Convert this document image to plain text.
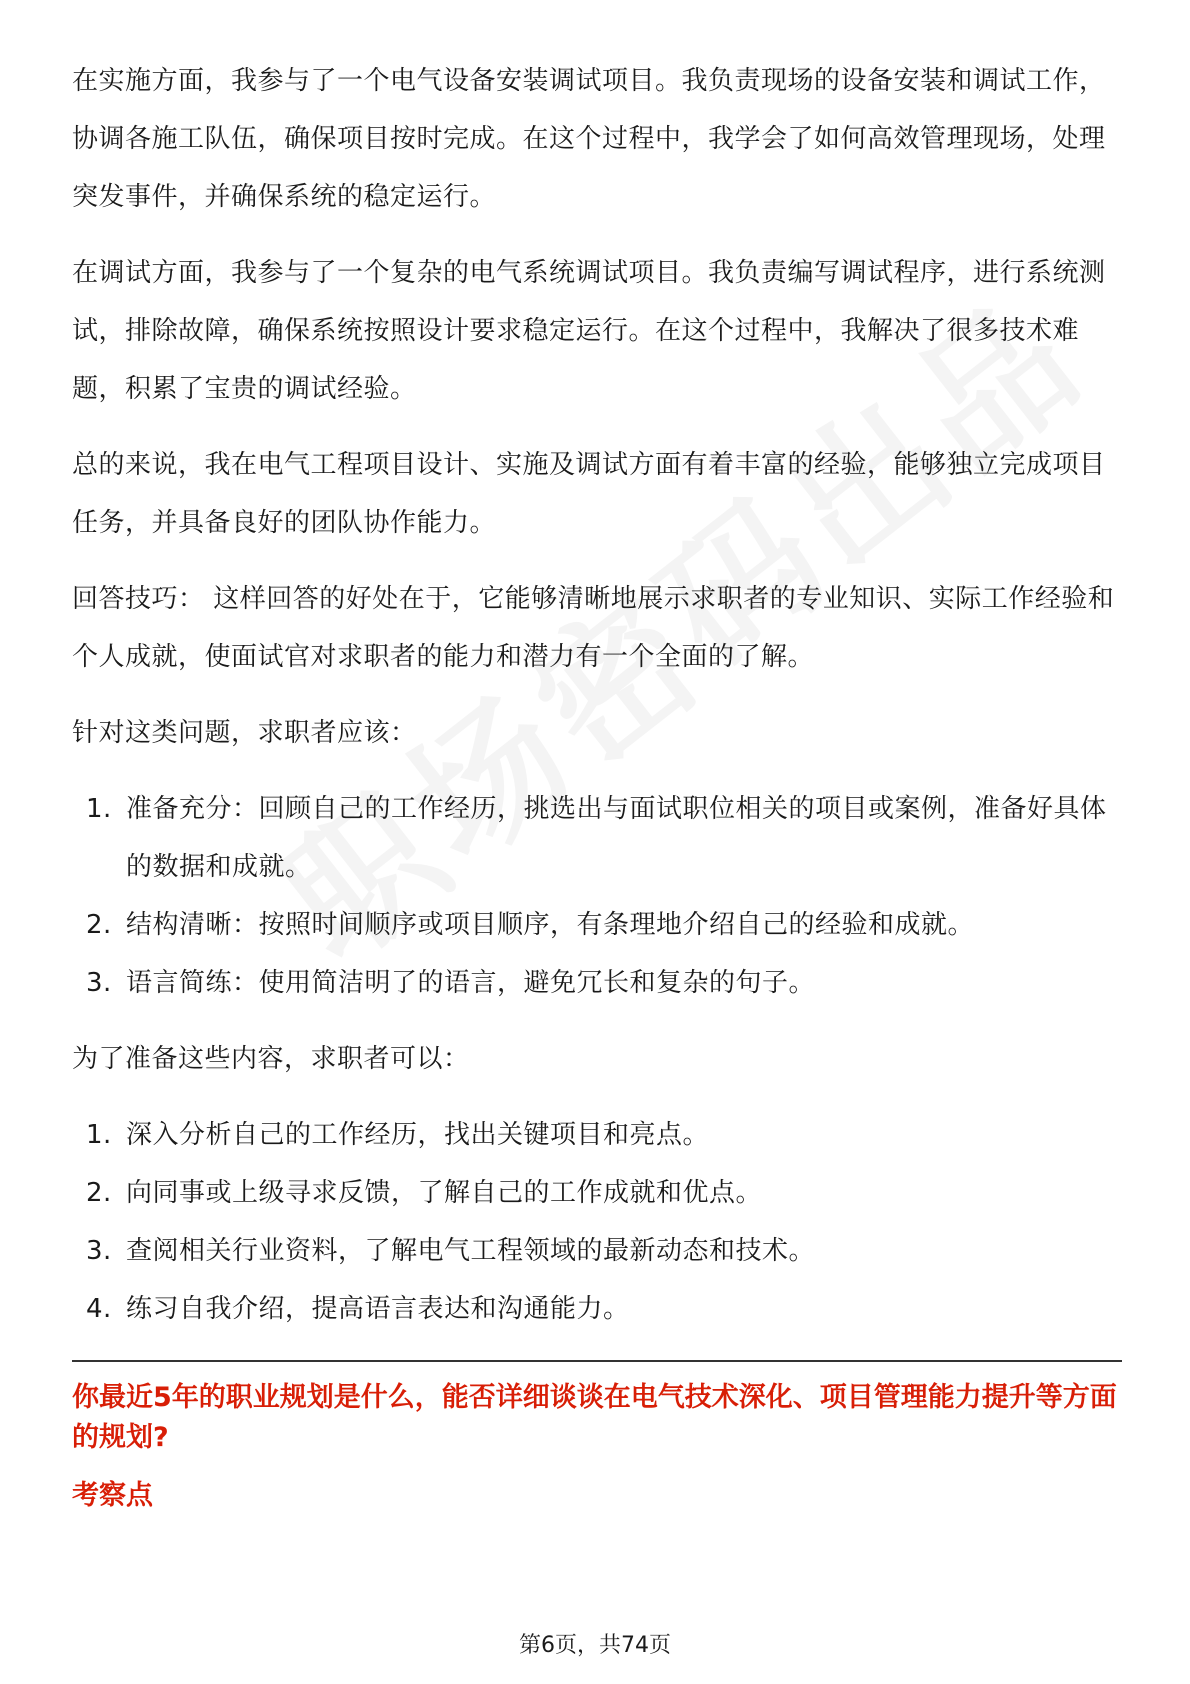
在实施方面，我参与了一个电气设备安装调试项目。我负责现场的设备安装和调试工作，协调各施工队伍，确保项目按时完成。在这个过程中，我学会了如何高效管理现场，处理突发事件，并确保系统的稳定运行。

在调试方面，我参与了一个复杂的电气系统调试项目。我负责编写调试程序，进行系统测试，排除故障，确保系统按照设计要求稳定运行。在这个过程中，我解决了很多技术难题，积累了宝贵的调试经验。

总的来说，我在电气工程项目设计、实施及调试方面有着丰富的经验，能够独立完成项目任务，并具备良好的团队协作能力。

回答技巧： 这样回答的好处在于，它能够清晰地展示求职者的专业知识、实际工作经验和个人成就，使面试官对求职者的能力和潜力有一个全面的了解。

针对这类问题，求职者应该：

1. 准备充分：回顾自己的工作经历，挑选出与面试职位相关的项目或案例，准备好具体的数据和成就。
2. 结构清晰：按照时间顺序或项目顺序，有条理地介绍自己的经验和成就。
3. 语言简练：使用简洁明了的语言，避免冗长和复杂的句子。

为了准备这些内容，求职者可以：

1. 深入分析自己的工作经历，找出关键项目和亮点。
2. 向同事或上级寻求反馈，了解自己的工作成就和优点。
3. 查阅相关行业资料，了解电气工程领域的最新动态和技术。
4. 练习自我介绍，提高语言表达和沟通能力。

你最近5年的职业规划是什么，能否详细谈谈在电气技术深化、项目管理能力提升等方面的规划?

考察点
第6页，共74页
